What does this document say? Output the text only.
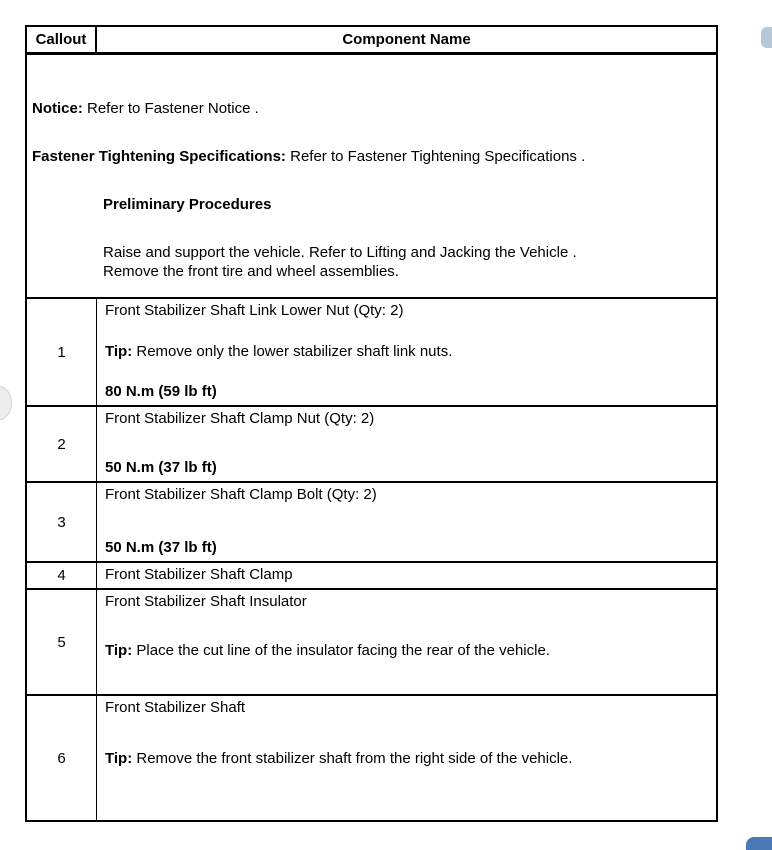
Callout	Component Name
Notice: Refer to Fastener Notice .
Fastener Tightening Specifications: Refer to Fastener Tightening Specifications .
Preliminary Procedures
Raise and support the vehicle. Refer to Lifting and Jacking the Vehicle .
Remove the front tire and wheel assemblies.
1
Front Stabilizer Shaft Link Lower Nut (Qty: 2)
Tip: Remove only the lower stabilizer shaft link nuts.
80 N.m (59 lb ft)
2
Front Stabilizer Shaft Clamp Nut (Qty: 2)
50 N.m (37 lb ft)
3
Front Stabilizer Shaft Clamp Bolt (Qty: 2)
50 N.m (37 lb ft)
4	Front Stabilizer Shaft Clamp
5
Front Stabilizer Shaft Insulator
Tip: Place the cut line of the insulator facing the rear of the vehicle.
6
Front Stabilizer Shaft
Tip: Remove the front stabilizer shaft from the right side of the vehicle.
